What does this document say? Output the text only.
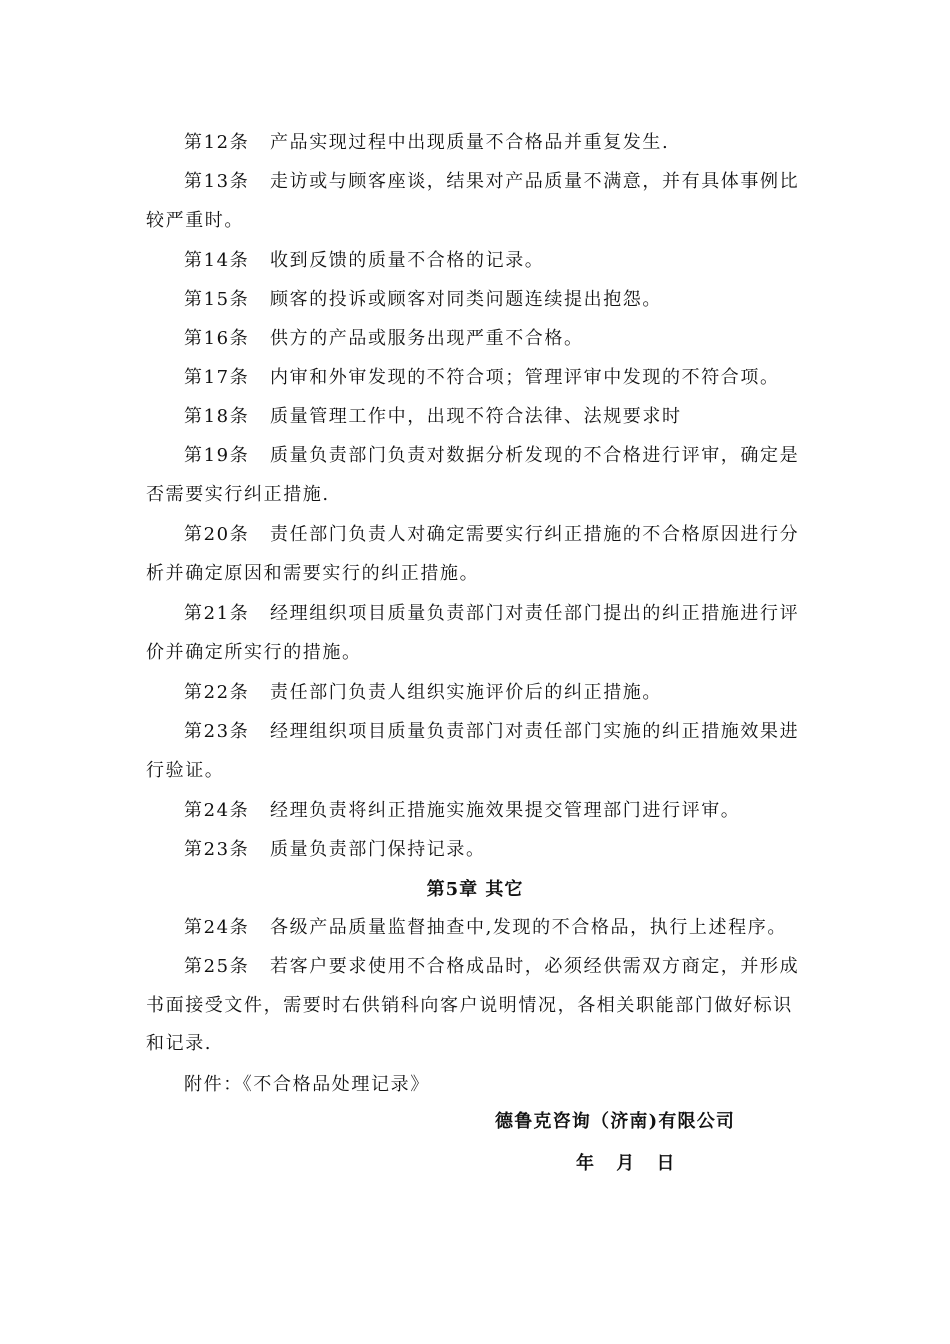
第12条 产品实现过程中出现质量不合格品并重复发生.

第13条 走访或与顾客座谈，结果对产品质量不满意，并有具体事例比较严重时。

第14条 收到反馈的质量不合格的记录。

第15条 顾客的投诉或顾客对同类问题连续提出抱怨。

第16条 供方的产品或服务出现严重不合格。

第17条 内审和外审发现的不符合项；管理评审中发现的不符合项。

第18条 质量管理工作中，出现不符合法律、法规要求时

第19条 质量负责部门负责对数据分析发现的不合格进行评审，确定是否需要实行纠正措施.

第20条 责任部门负责人对确定需要实行纠正措施的不合格原因进行分析并确定原因和需要实行的纠正措施。

第21条 经理组织项目质量负责部门对责任部门提出的纠正措施进行评价并确定所实行的措施。

第22条 责任部门负责人组织实施评价后的纠正措施。

第23条 经理组织项目质量负责部门对责任部门实施的纠正措施效果进行验证。

第24条 经理负责将纠正措施实施效果提交管理部门进行评审。

第23条 质量负责部门保持记录。

第5章 其它

第24条 各级产品质量监督抽查中,发现的不合格品，执行上述程序。

第25条 若客户要求使用不合格成品时，必须经供需双方商定，并形成书面接受文件，需要时右供销科向客户说明情况，各相关职能部门做好标识和记录.

附件：《不合格品处理记录》

德鲁克咨询（济南)有限公司
年 月 日
